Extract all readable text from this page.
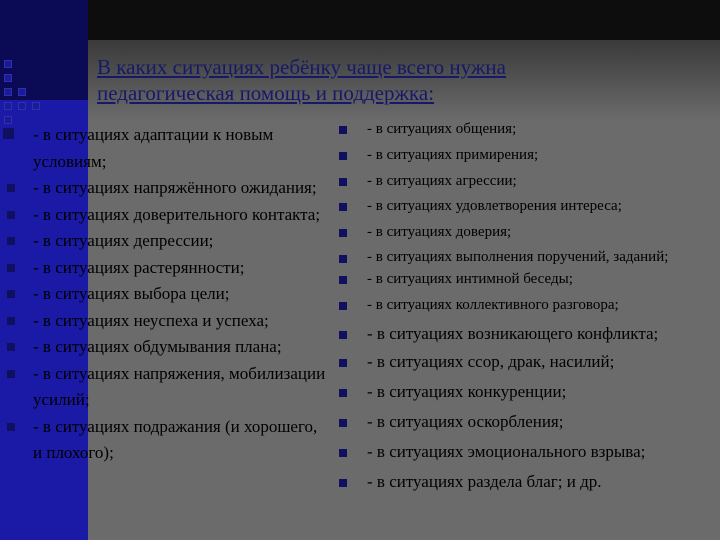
В каких ситуациях ребёнку чаще всего нужна
педагогическая помощь и поддержка:
- в ситуациях адаптации к новым условиям;
- в ситуациях напряжённого ожидания;
- в ситуациях доверительного контакта;
- в ситуациях депрессии;
- в ситуациях растерянности;
- в ситуациях выбора цели;
- в ситуациях неуспеха и успеха;
- в ситуациях обдумывания плана;
- в ситуациях напряжения, мобилизации усилий;
- в ситуациях подражания (и хорошего, и плохого);
- в ситуациях общения;
- в ситуациях примирения;
- в ситуациях агрессии;
- в ситуациях удовлетворения интереса;
- в ситуациях доверия;
- в ситуациях выполнения поручений, заданий;
- в ситуациях интимной беседы;
- в ситуациях коллективного разговора;
- в ситуациях возникающего конфликта;
- в ситуациях ссор, драк, насилий;
- в ситуациях конкуренции;
- в ситуациях оскорбления;
- в ситуациях эмоционального взрыва;
- в ситуациях раздела благ; и др.
